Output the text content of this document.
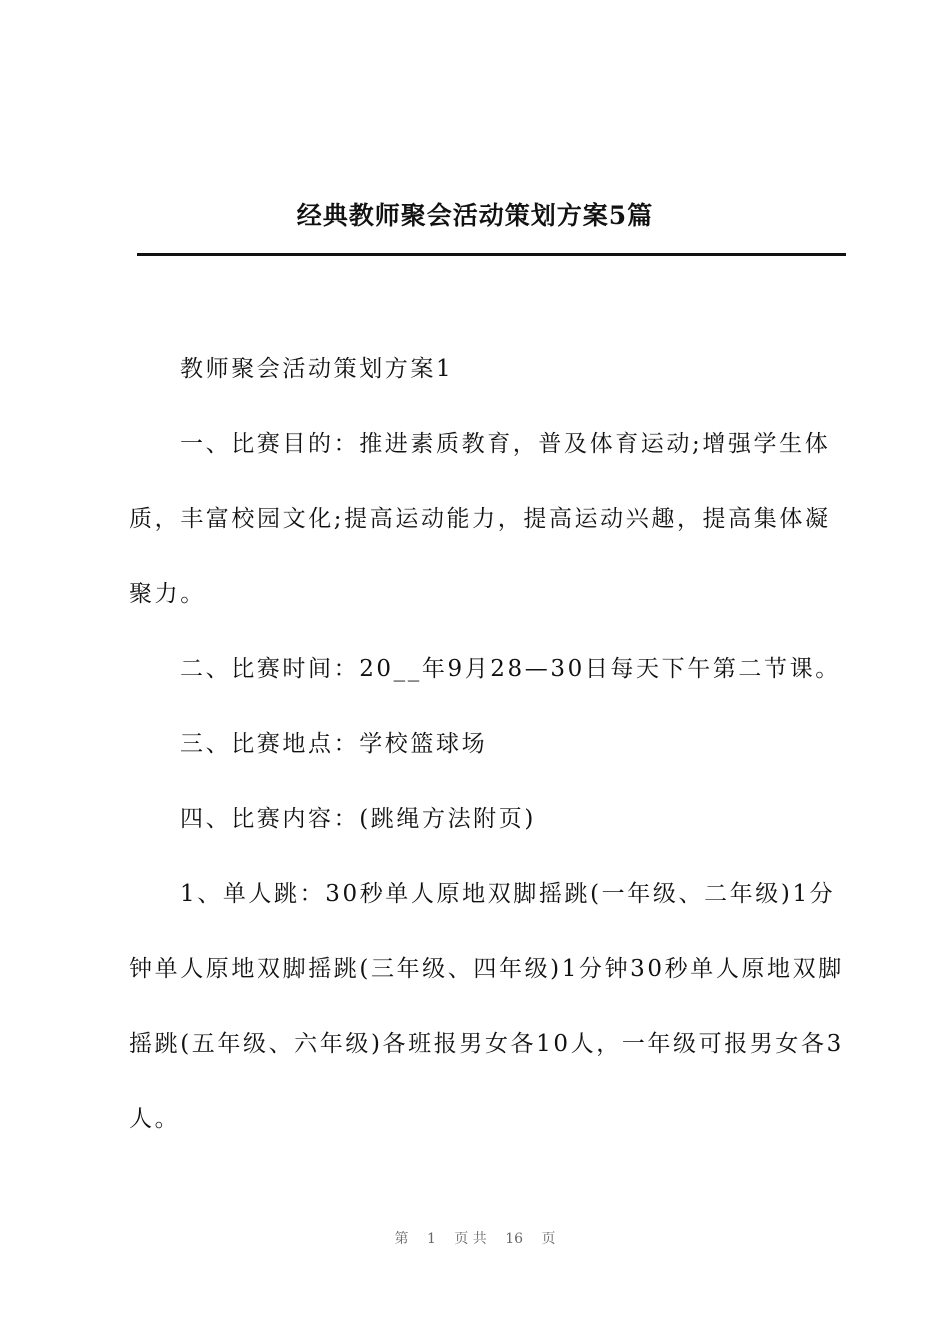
经典教师聚会活动策划方案5篇

教师聚会活动策划方案1

一、比赛目的：推进素质教育，普及体育运动;增强学生体

质，丰富校园文化;提高运动能力，提高运动兴趣，提高集体凝

聚力。

二、比赛时间：20__年9月28—30日每天下午第二节课。

三、比赛地点：学校篮球场

四、比赛内容：(跳绳方法附页)

1、单人跳：30秒单人原地双脚摇跳(一年级、二年级)1分

钟单人原地双脚摇跳(三年级、四年级)1分钟30秒单人原地双脚

摇跳(五年级、六年级)各班报男女各10人，一年级可报男女各3

人。

第 1 页 共 16 页
